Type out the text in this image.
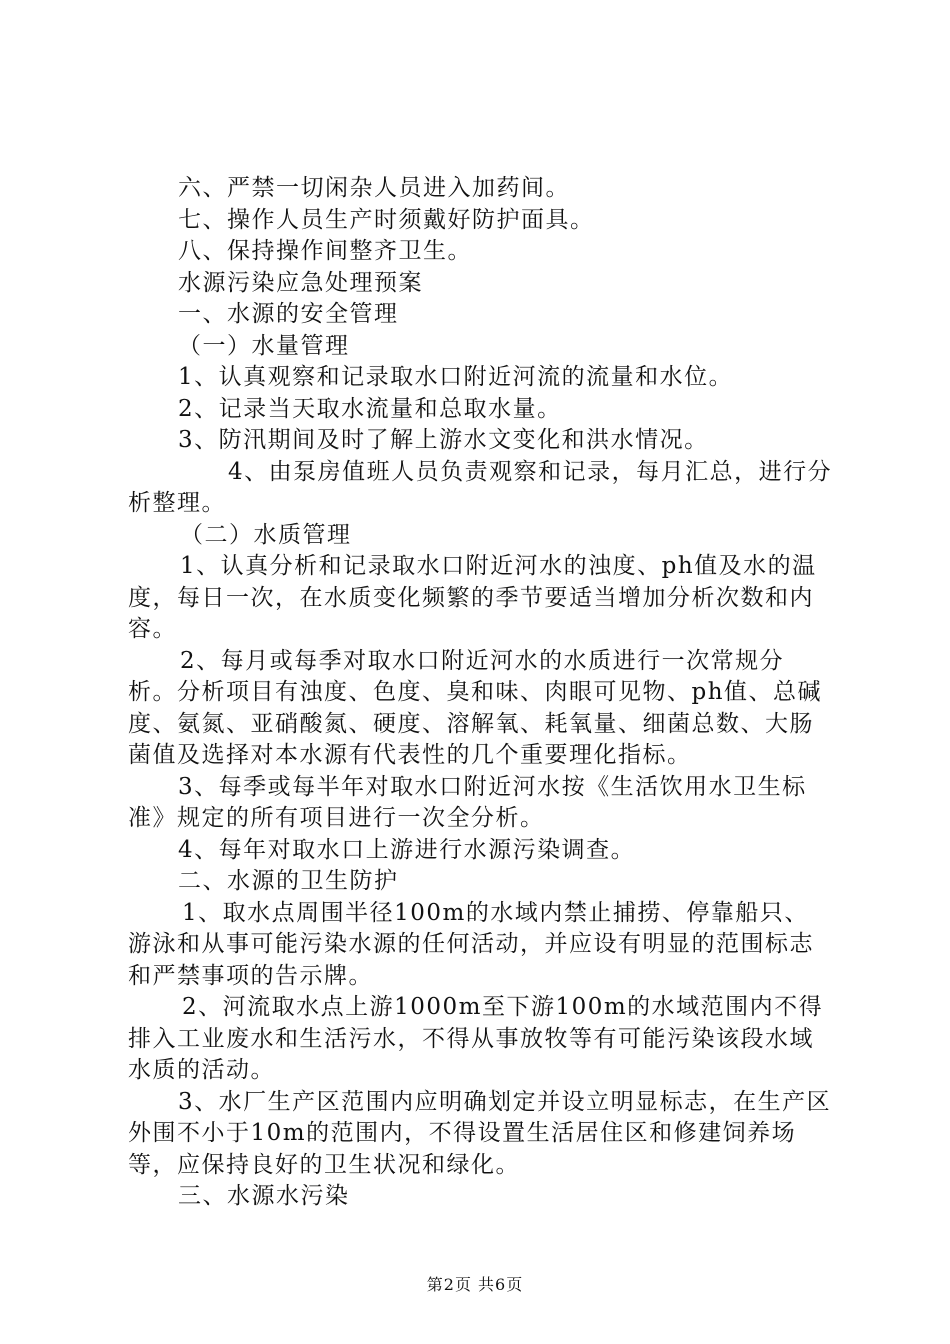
六、严禁一切闲杂人员进入加药间。

七、操作人员生产时须戴好防护面具。

八、保持操作间整齐卫生。

水源污染应急处理预案

一、水源的安全管理

（一）水量管理

1、认真观察和记录取水口附近河流的流量和水位。

2、记录当天取水流量和总取水量。

3、防汛期间及时了解上游水文变化和洪水情况。

4、由泵房值班人员负责观察和记录，每月汇总，进行分析整理。

（二）水质管理

1、认真分析和记录取水口附近河水的浊度、ph值及水的温度，每日一次，在水质变化频繁的季节要适当增加分析次数和内容。

2、每月或每季对取水口附近河水的水质进行一次常规分析。分析项目有浊度、色度、臭和味、肉眼可见物、ph值、总碱度、氨氮、亚硝酸氮、硬度、溶解氧、耗氧量、细菌总数、大肠菌值及选择对本水源有代表性的几个重要理化指标。

3、每季或每半年对取水口附近河水按《生活饮用水卫生标准》规定的所有项目进行一次全分析。

4、每年对取水口上游进行水源污染调查。

二、水源的卫生防护

1、取水点周围半径100m的水域内禁止捕捞、停靠船只、游泳和从事可能污染水源的任何活动，并应设有明显的范围标志和严禁事项的告示牌。

2、河流取水点上游1000m至下游100m的水域范围内不得排入工业废水和生活污水，不得从事放牧等有可能污染该段水域水质的活动。

3、水厂生产区范围内应明确划定并设立明显标志，在生产区外围不小于10m的范围内，不得设置生活居住区和修建饲养场等，应保持良好的卫生状况和绿化。

三、水源水污染

第2页 共6页
